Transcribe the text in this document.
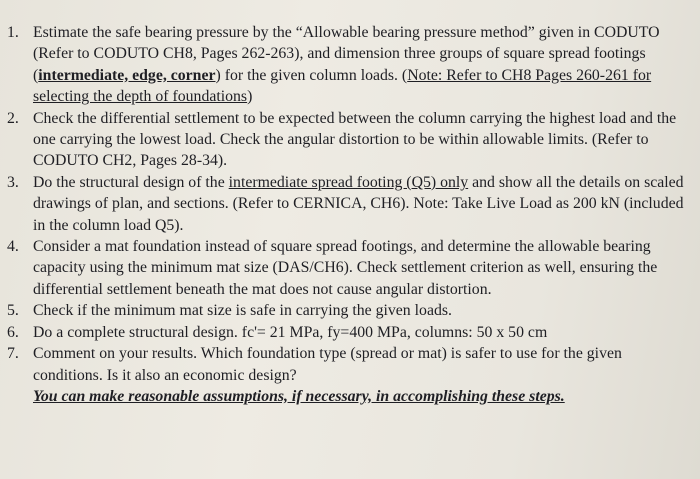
1. Estimate the safe bearing pressure by the “Allowable bearing pressure method” given in CODUTO (Refer to CODUTO CH8, Pages 262-263), and dimension three groups of square spread footings (intermediate, edge, corner) for the given column loads. (Note: Refer to CH8 Pages 260-261 for selecting the depth of foundations)
2. Check the differential settlement to be expected between the column carrying the highest load and the one carrying the lowest load. Check the angular distortion to be within allowable limits. (Refer to CODUTO CH2, Pages 28-34).
3. Do the structural design of the intermediate spread footing (Q5) only and show all the details on scaled drawings of plan, and sections. (Refer to CERNICA, CH6). Note: Take Live Load as 200 kN (included in the column load Q5).
4. Consider a mat foundation instead of square spread footings, and determine the allowable bearing capacity using the minimum mat size (DAS/CH6). Check settlement criterion as well, ensuring the differential settlement beneath the mat does not cause angular distortion.
5. Check if the minimum mat size is safe in carrying the given loads.
6. Do a complete structural design. fc'= 21 MPa, fy=400 MPa, columns: 50 x 50 cm
7. Comment on your results. Which foundation type (spread or mat) is safer to use for the given conditions. Is it also an economic design?
You can make reasonable assumptions, if necessary, in accomplishing these steps.
